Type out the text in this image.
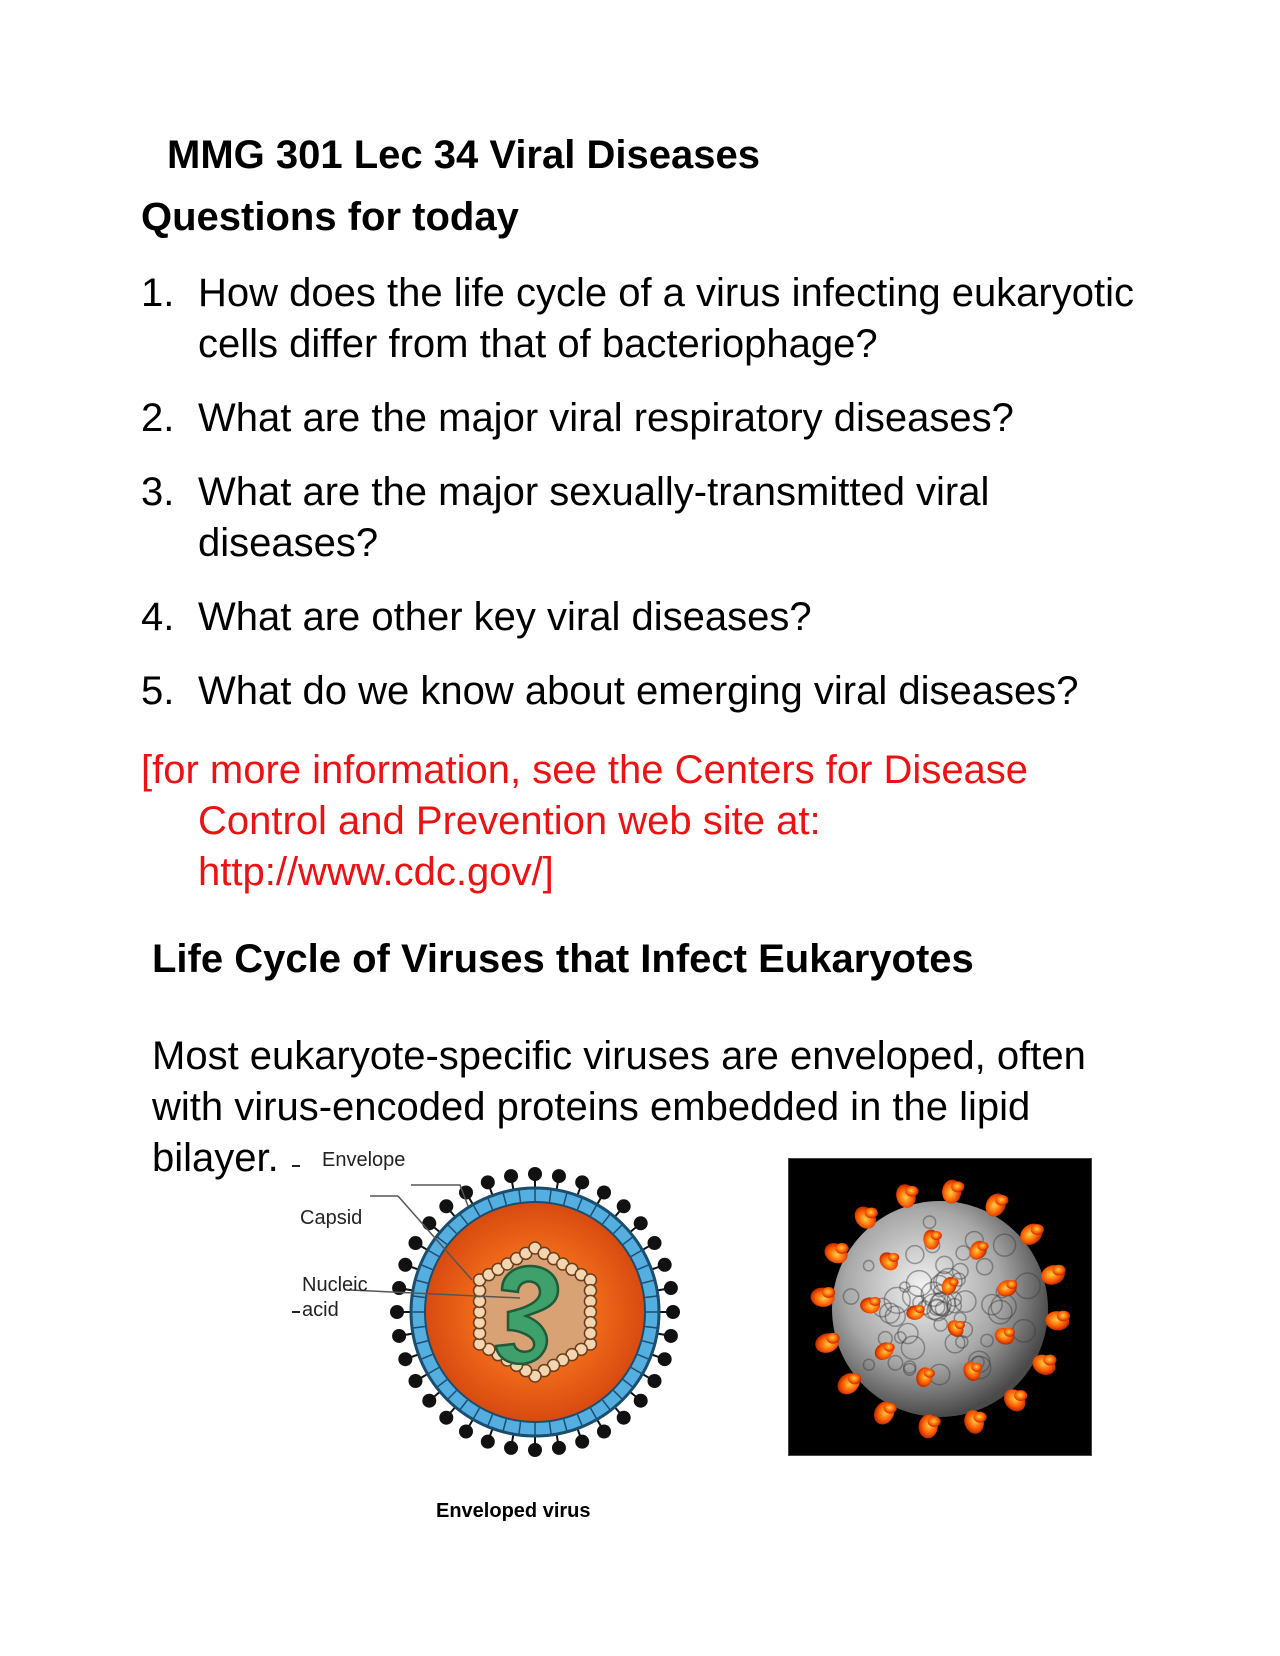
MMG 301 Lec 34 Viral Diseases
Questions for today
1. How does the life cycle of a virus infecting eukaryotic cells differ from that of bacteriophage?
2. What are the major viral respiratory diseases?
3. What are the major sexually-transmitted viral diseases?
4. What are other key viral diseases?
5. What do we know about emerging viral diseases?
[for more information, see the Centers for Disease Control and Prevention web site at: http://www.cdc.gov/]
Life Cycle of Viruses that Infect Eukaryotes
Most eukaryote-specific viruses are enveloped, often with virus-encoded proteins embedded in the lipid bilayer.	Envelope
Capsid
Nucleic
acid
Enveloped virus
